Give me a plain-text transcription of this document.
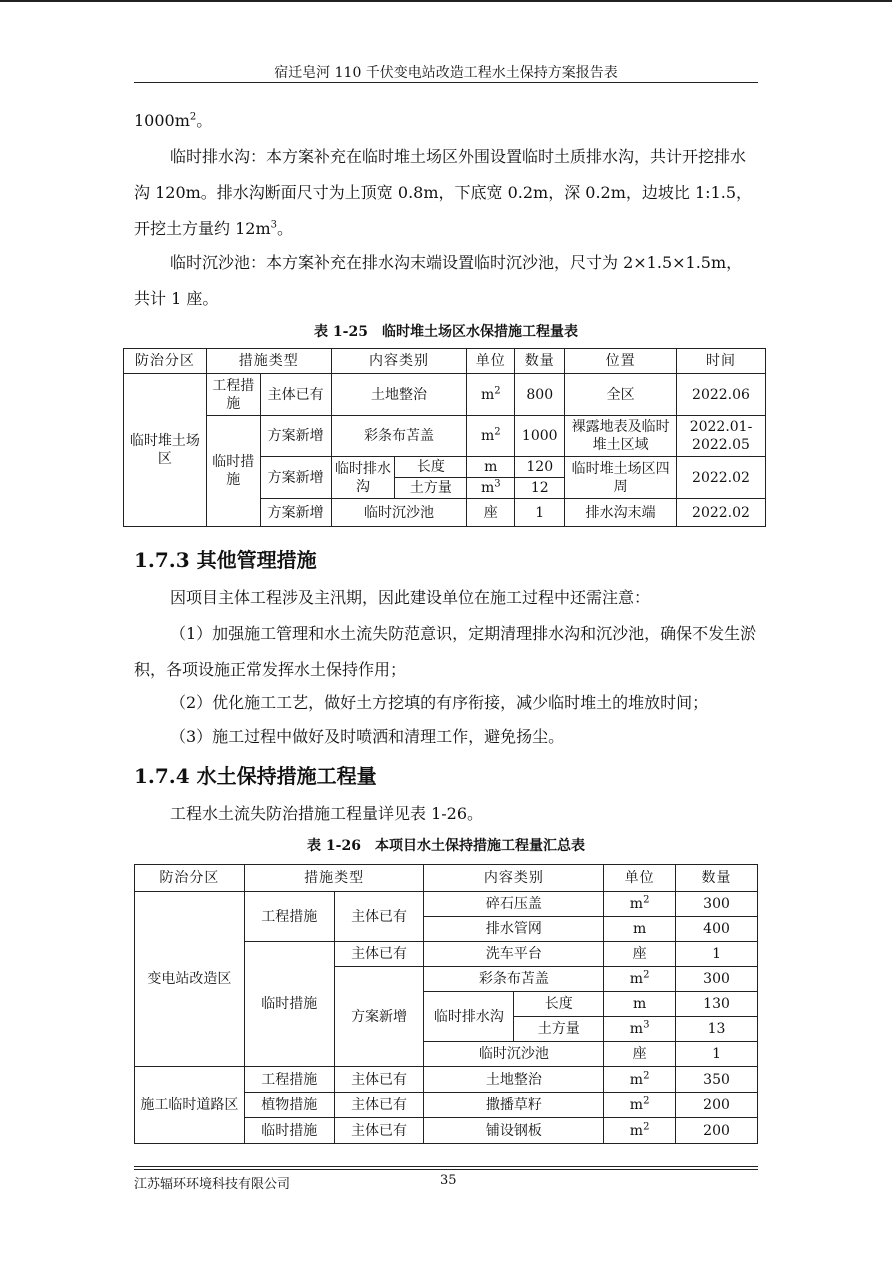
宿迁皂河 110 千伏变电站改造工程水土保持方案报告表

$1000m^2$。

临时排水沟：本方案补充在临时堆土场区外围设置临时土质排水沟，共计开挖排水沟 120m。排水沟断面尺寸为上顶宽 0.8m，下底宽 0.2m，深 0.2m，边坡比 1:1.5，开挖土方量约 $12m^3$。

临时沉沙池：本方案补充在排水沟末端设置临时沉沙池，尺寸为 2×1.5×1.5m，共计 1 座。

表 1-25　临时堆土场区水保措施工程量表
防治分区	措施类型		内容类别		单位	数量	位置	时间
临时堆土场区	工程措施	主体已有	土地整治		$m^2$	800	全区	2022.06
	临时措施	方案新增	彩条布苫盖		$m^2$	1000	裸露地表及临时堆土区域	2022.01-2022.05
		方案新增	临时排水沟	长度	m	120	临时堆土场区四周	2022.02
				土方量	$m^3$	12		
		方案新增	临时沉沙池		座	1	排水沟末端	2022.02
1.7.3 其他管理措施

因项目主体工程涉及主汛期，因此建设单位在施工过程中还需注意：

（1）加强施工管理和水土流失防范意识，定期清理排水沟和沉沙池，确保不发生淤积，各项设施正常发挥水土保持作用；

（2）优化施工工艺，做好土方挖填的有序衔接，减少临时堆土的堆放时间；

（3）施工过程中做好及时喷洒和清理工作，避免扬尘。

1.7.4 水土保持措施工程量

工程水土流失防治措施工程量详见表 1-26。

表 1-26　本项目水土保持措施工程量汇总表
防治分区	措施类型		内容类别		单位	数量
变电站改造区	工程措施	主体已有	碎石压盖		$m^2$	300
			排水管网		m	400
	临时措施	主体已有	洗车平台		座	1
		方案新增	彩条布苫盖		$m^2$	300
			临时排水沟	长度	m	130
				土方量	$m^3$	13
			临时沉沙池		座	1
施工临时道路区	工程措施	主体已有	土地整治		$m^2$	350
	植物措施	主体已有	撒播草籽		$m^2$	200
	临时措施	主体已有	铺设钢板		$m^2$	200
江苏辐环环境科技有限公司	35
